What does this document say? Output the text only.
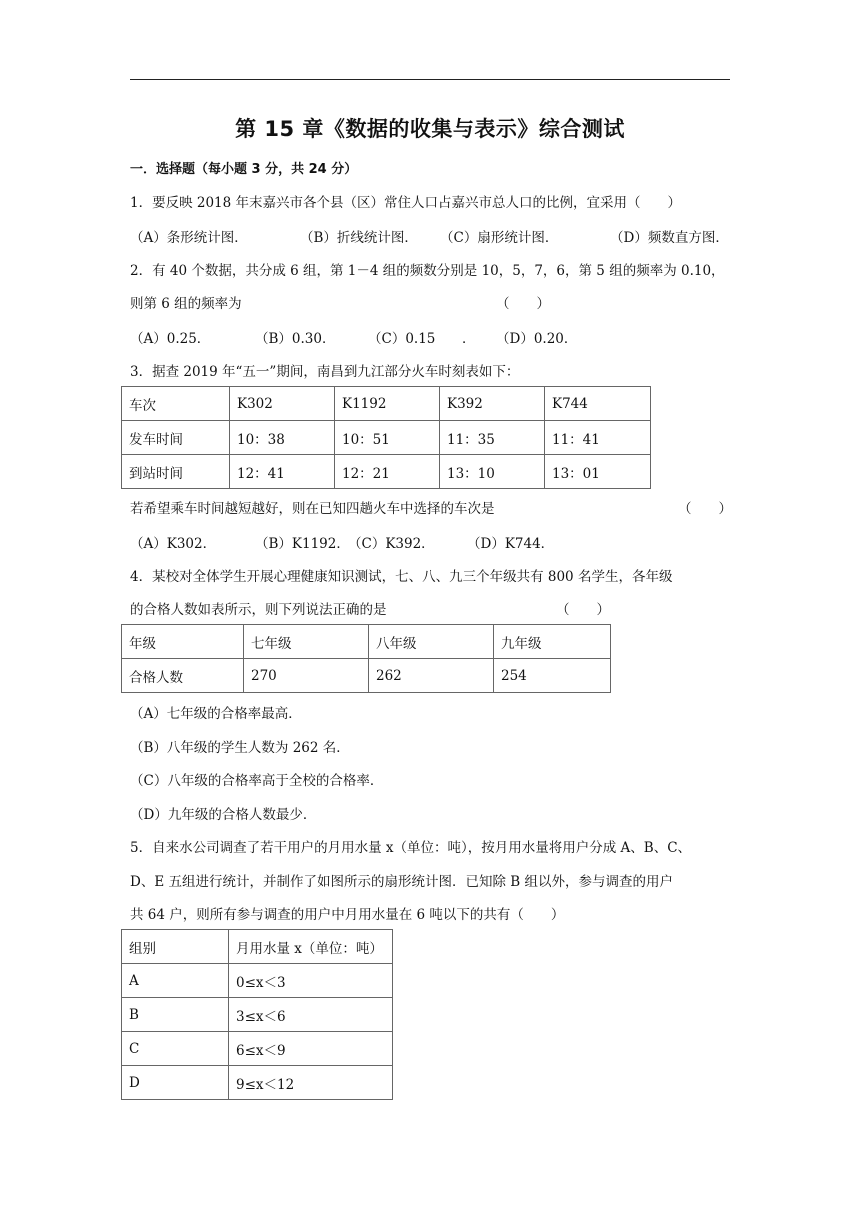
第 15 章《数据的收集与表示》综合测试
一．选择题（每小题 3 分，共 24 分）
1．要反映 2018 年末嘉兴市各个县（区）常住人口占嘉兴市总人口的比例，宜采用（　　）
（A）条形统计图．	（B）折线统计图． （C）扇形统计图．	（D）频数直方图．
2．有 40 个数据，共分成 6 组，第 1－4 组的频数分别是 10，5，7，6，第 5 组的频率为 0.10，
则第 6 组的频率为	（　　）
（A）0.25．	（B）0.30． （C）0.15 ． （D）0.20．
3．据查 2019 年“五一”期间，南昌到九江部分火车时刻表如下：
车次	K302	K1192	K392	K744
发车时间	10：38	10：51	11：35	11：41
到站时间	12：41	12：21	13：10	13：01
若希望乘车时间越短越好，则在已知四趟火车中选择的车次是	（　　）
（A）K302．	（B）K1192．
（C）K392． （D）K744．
4．某校对全体学生开展心理健康知识测试，七、八、九三个年级共有 800 名学生，各年级
的合格人数如表所示，则下列说法正确的是	（　　）
年级	七年级	八年级	九年级
合格人数	270	262	254
（A）七年级的合格率最高．
（B）八年级的学生人数为 262 名．
（C）八年级的合格率高于全校的合格率．
（D）九年级的合格人数最少．
5．自来水公司调查了若干用户的月用水量 x（单位：吨），按月用水量将用户分成 A、B、C、
D、E 五组进行统计，并制作了如图所示的扇形统计图．已知除 B 组以外，参与调查的用户
共 64 户，则所有参与调查的用户中月用水量在 6 吨以下的共有（　　）
组别	月用水量 x（单位：吨）
A	0≤x＜3
B	3≤x＜6
C	6≤x＜9
D	9≤x＜12
